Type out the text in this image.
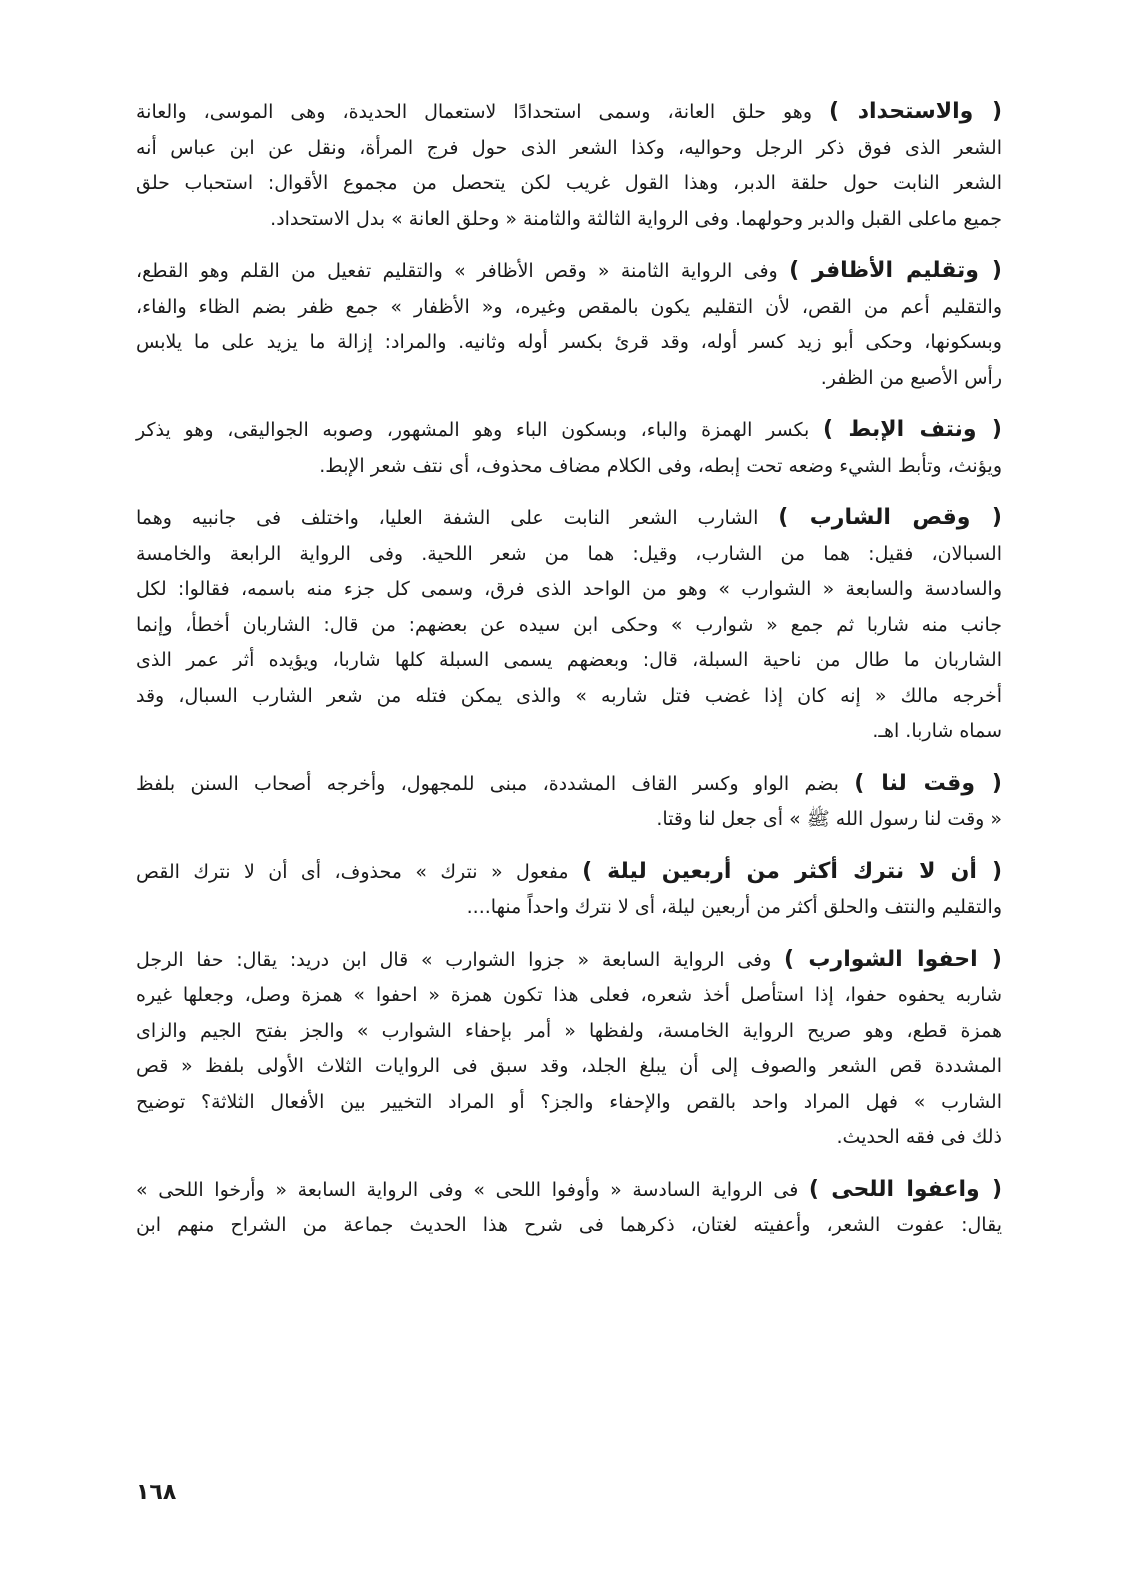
( والاستحداد ) وهو حلق العانة، وسمى استحدادًا لاستعمال الحديدة، وهى الموسى، والعانة
الشعر الذى فوق ذكر الرجل وحواليه، وكذا الشعر الذى حول فرج المرأة، ونقل عن ابن عباس أنه
الشعر النابت حول حلقة الدبر، وهذا القول غريب لكن يتحصل من مجموع الأقوال: استحباب حلق
جميع ماعلى القبل والدبر وحولهما. وفى الرواية الثالثة والثامنة « وحلق العانة » بدل الاستحداد.
( وتقليم الأظافر ) وفى الرواية الثامنة « وقص الأظافر » والتقليم تفعيل من القلم وهو القطع،
والتقليم أعم من القص، لأن التقليم يكون بالمقص وغيره، و« الأظفار » جمع ظفر بضم الظاء والفاء،
وبسكونها، وحكى أبو زيد كسر أوله، وقد قرئ بكسر أوله وثانيه. والمراد: إزالة ما يزيد على ما يلابس
رأس الأصبع من الظفر.
( ونتف الإبط ) بكسر الهمزة والباء، وبسكون الباء وهو المشهور، وصوبه الجواليقى، وهو يذكر
ويؤنث، وتأبط الشيء وضعه تحت إبطه، وفى الكلام مضاف محذوف، أى نتف شعر الإبط.
( وقص الشارب ) الشارب الشعر النابت على الشفة العليا، واختلف فى جانبيه وهما
السبالان، فقيل: هما من الشارب، وقيل: هما من شعر اللحية. وفى الرواية الرابعة والخامسة
والسادسة والسابعة « الشوارب » وهو من الواحد الذى فرق، وسمى كل جزء منه باسمه، فقالوا: لكل
جانب منه شاربا ثم جمع « شوارب » وحكى ابن سيده عن بعضهم: من قال: الشاربان أخطأ، وإنما
الشاربان ما طال من ناحية السبلة، قال: وبعضهم يسمى السبلة كلها شاربا، ويؤيده أثر عمر الذى
أخرجه مالك « إنه كان إذا غضب فتل شاربه » والذى يمكن فتله من شعر الشارب السبال، وقد
سماه شاربا. اهـ.
( وقت لنا ) بضم الواو وكسر القاف المشددة، مبنى للمجهول، وأخرجه أصحاب السنن بلفظ
« وقت لنا رسول الله ﷺ » أى جعل لنا وقتا.
( أن لا نترك أكثر من أربعين ليلة ) مفعول « نترك » محذوف، أى أن لا نترك القص
والتقليم والنتف والحلق أكثر من أربعين ليلة، أى لا نترك واحداً منها....
( احفوا الشوارب ) وفى الرواية السابعة « جزوا الشوارب » قال ابن دريد: يقال: حفا الرجل
شاربه يحفوه حفوا، إذا استأصل أخذ شعره، فعلى هذا تكون همزة « احفوا » همزة وصل، وجعلها غيره
همزة قطع، وهو صريح الرواية الخامسة، ولفظها « أمر بإحفاء الشوارب » والجز بفتح الجيم والزاى
المشددة قص الشعر والصوف إلى أن يبلغ الجلد، وقد سبق فى الروايات الثلاث الأولى بلفظ « قص
الشارب » فهل المراد واحد بالقص والإحفاء والجز؟ أو المراد التخيير بين الأفعال الثلاثة؟ توضيح
ذلك فى فقه الحديث.
( واعفوا اللحى ) فى الرواية السادسة « وأوفوا اللحى » وفى الرواية السابعة « وأرخوا اللحى »
يقال: عفوت الشعر، وأعفيته لغتان، ذكرهما فى شرح هذا الحديث جماعة من الشراح منهم ابن
١٦٨
